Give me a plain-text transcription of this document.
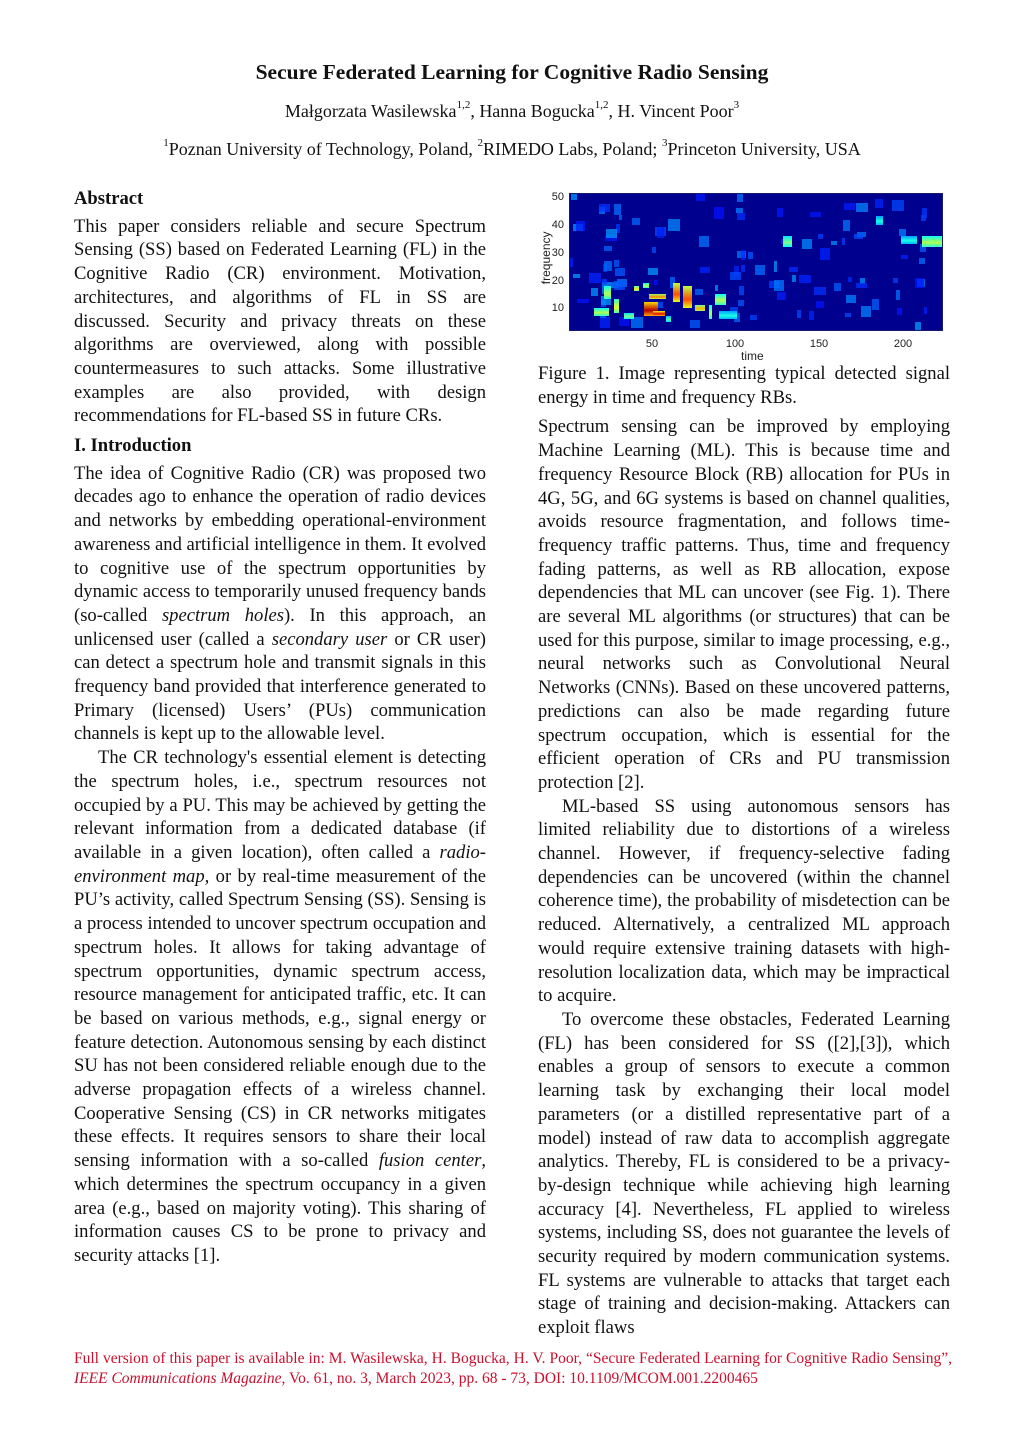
Secure Federated Learning for Cognitive Radio Sensing
Małgorzata Wasilewska$^{1,2}$, Hanna Bogucka$^{1,2}$, H. Vincent Poor$^3$
$^1$Poznan University of Technology, Poland, $^2$RIMEDO Labs, Poland; $^3$Princeton University, USA
Abstract

This paper considers reliable and secure Spectrum Sensing (SS) based on Federated Learning (FL) in the Cognitive Radio (CR) environment. Motivation, architectures, and algorithms of FL in SS are discussed. Security and privacy threats on these algorithms are overviewed, along with possible countermeasures to such attacks. Some illustrative examples are also provided, with design recommendations for FL-based SS in future CRs.

I. Introduction

The idea of Cognitive Radio (CR) was proposed two decades ago to enhance the operation of radio devices and networks by embedding operational-environment awareness and artificial intelligence in them. It evolved to cognitive use of the spectrum opportunities by dynamic access to temporarily unused frequency bands (so-called spectrum holes). In this approach, an unlicensed user (called a secondary user or CR user) can detect a spectrum hole and transmit signals in this frequency band provided that interference generated to Primary (licensed) Users’ (PUs) communication channels is kept up to the allowable level.

The CR technology's essential element is detecting the spectrum holes, i.e., spectrum resources not occupied by a PU. This may be achieved by getting the relevant information from a dedicated database (if available in a given location), often called a radio-environment map, or by real-time measurement of the PU’s activity, called Spectrum Sensing (SS). Sensing is a process intended to uncover spectrum occupation and spectrum holes. It allows for taking advantage of spectrum opportunities, dynamic spectrum access, resource management for anticipated traffic, etc. It can be based on various methods, e.g., signal energy or feature detection. Autonomous sensing by each distinct SU has not been considered reliable enough due to the adverse propagation effects of a wireless channel. Cooperative Sensing (CS) in CR networks mitigates these effects. It requires sensors to share their local sensing information with a so-called fusion center, which determines the spectrum occupancy in a given area (e.g., based on majority voting). This sharing of information causes CS to be prone to privacy and security attacks [1].

frequency
50
40
30
20
10
50	100	150	200
time

Figure 1. Image representing typical detected signal energy in time and frequency RBs.

Spectrum sensing can be improved by employing Machine Learning (ML). This is because time and frequency Resource Block (RB) allocation for PUs in 4G, 5G, and 6G systems is based on channel qualities, avoids resource fragmentation, and follows time-frequency traffic patterns. Thus, time and frequency fading patterns, as well as RB allocation, expose dependencies that ML can uncover (see Fig. 1). There are several ML algorithms (or structures) that can be used for this purpose, similar to image processing, e.g., neural networks such as Convolutional Neural Networks (CNNs). Based on these uncovered patterns, predictions can also be made regarding future spectrum occupation, which is essential for the efficient operation of CRs and PU transmission protection [2].

ML-based SS using autonomous sensors has limited reliability due to distortions of a wireless channel. However, if frequency-selective fading dependencies can be uncovered (within the channel coherence time), the probability of misdetection can be reduced. Alternatively, a centralized ML approach would require extensive training datasets with high-resolution localization data, which may be impractical to acquire.

To overcome these obstacles, Federated Learning (FL) has been considered for SS ([2],[3]), which enables a group of sensors to execute a common learning task by exchanging their local model parameters (or a distilled representative part of a model) instead of raw data to accomplish aggregate analytics. Thereby, FL is considered to be a privacy-by-design technique while achieving high learning accuracy [4]. Nevertheless, FL applied to wireless systems, including SS, does not guarantee the levels of security required by modern communication systems. FL systems are vulnerable to attacks that target each stage of training and decision-making. Attackers can exploit flaws

Full version of this paper is available in: M. Wasilewska, H. Bogucka, H. V. Poor, “Secure Federated Learning for Cognitive Radio Sensing”, IEEE Communications Magazine, Vo. 61, no. 3, March 2023, pp. 68 - 73, DOI: 10.1109/MCOM.001.2200465
